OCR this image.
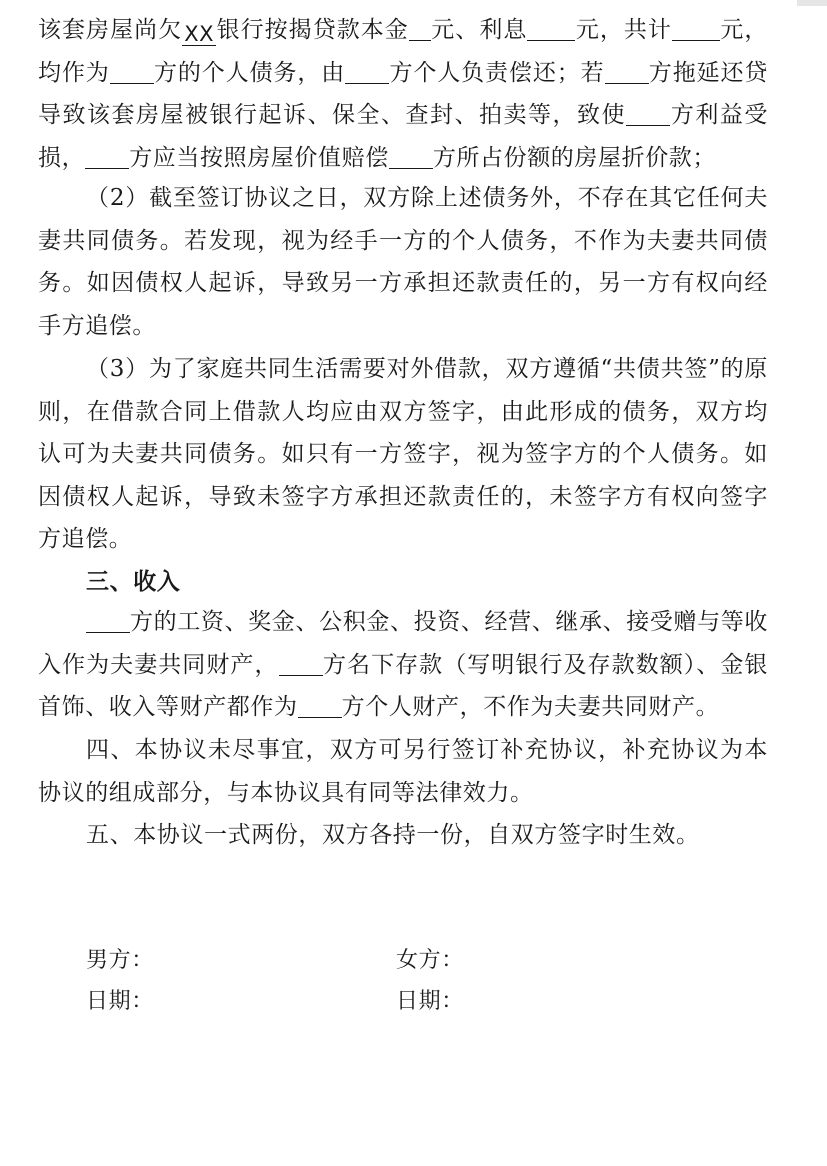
该套房屋尚欠XX银行按揭贷款本金 元、利息 元，共计 元，均作为 方的个人债务，由 方个人负责偿还；若 方拖延还贷导致该套房屋被银行起诉、保全、查封、拍卖等，致使 方利益受损， 方应当按照房屋价值赔偿 方所占份额的房屋折价款；

（2）截至签订协议之日，双方除上述债务外，不存在其它任何夫妻共同债务。若发现，视为经手一方的个人债务，不作为夫妻共同债务。如因债权人起诉，导致另一方承担还款责任的，另一方有权向经手方追偿。

（3）为了家庭共同生活需要对外借款，双方遵循“共债共签”的原则，在借款合同上借款人均应由双方签字，由此形成的债务，双方均认可为夫妻共同债务。如只有一方签字，视为签字方的个人债务。如因债权人起诉，导致未签字方承担还款责任的，未签字方有权向签字方追偿。

三、收入

方的工资、奖金、公积金、投资、经营、继承、接受赠与等收入作为夫妻共同财产， 方名下存款（写明银行及存款数额）、金银首饰、收入等财产都作为 方个人财产，不作为夫妻共同财产。

四、本协议未尽事宜，双方可另行签订补充协议，补充协议为本协议的组成部分，与本协议具有同等法律效力。

五、本协议一式两份，双方各持一份，自双方签字时生效。

男方：	女方：

日期：	日期：
